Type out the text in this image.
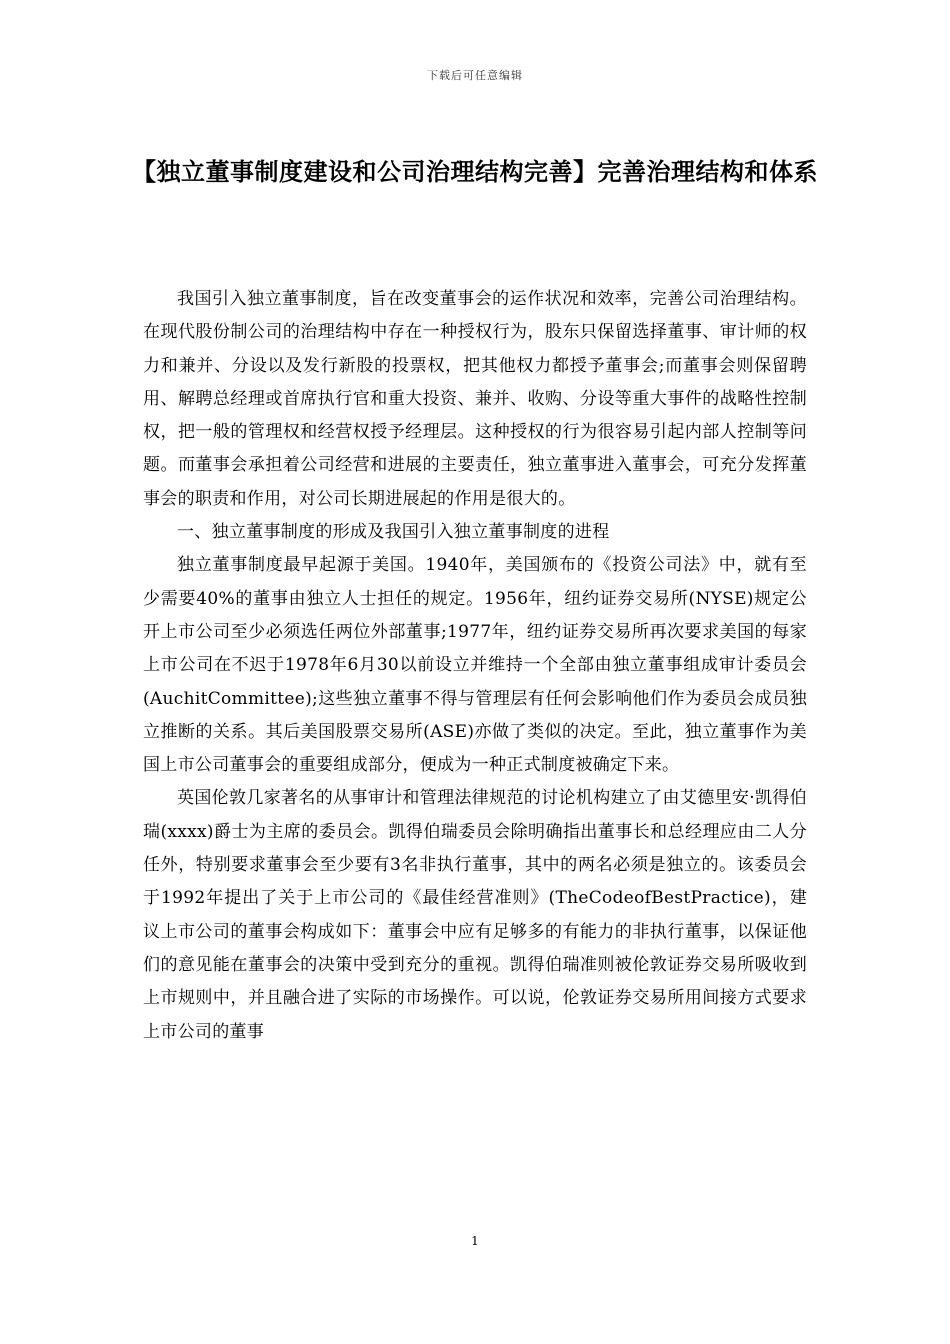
下载后可任意编辑
【独立董事制度建设和公司治理结构完善】完善治理结构和体系

我国引入独立董事制度，旨在改变董事会的运作状况和效率，完善公司治理结构。在现代股份制公司的治理结构中存在一种授权行为，股东只保留选择董事、审计师的权力和兼并、分设以及发行新股的投票权，把其他权力都授予董事会;而董事会则保留聘用、解聘总经理或首席执行官和重大投资、兼并、收购、分设等重大事件的战略性控制权，把一般的管理权和经营权授予经理层。这种授权的行为很容易引起内部人控制等问题。而董事会承担着公司经营和进展的主要责任，独立董事进入董事会，可充分发挥董事会的职责和作用，对公司长期进展起的作用是很大的。

一、独立董事制度的形成及我国引入独立董事制度的进程

独立董事制度最早起源于美国。1940年，美国颁布的《投资公司法》中，就有至少需要40%的董事由独立人士担任的规定。1956年，纽约证券交易所(NYSE)规定公开上市公司至少必须选任两位外部董事;1977年，纽约证券交易所再次要求美国的每家上市公司在不迟于1978年6月30以前设立并维持一个全部由独立董事组成审计委员会(AuchitCommittee);这些独立董事不得与管理层有任何会影响他们作为委员会成员独立推断的关系。其后美国股票交易所(ASE)亦做了类似的决定。至此，独立董事作为美国上市公司董事会的重要组成部分，便成为一种正式制度被确定下来。

英国伦敦几家著名的从事审计和管理法律规范的讨论机构建立了由艾德里安·凯得伯瑞(xxxx)爵士为主席的委员会。凯得伯瑞委员会除明确指出董事长和总经理应由二人分任外，特别要求董事会至少要有3名非执行董事，其中的两名必须是独立的。该委员会于1992年提出了关于上市公司的《最佳经营准则》(TheCodeofBestPractice)，建议上市公司的董事会构成如下：董事会中应有足够多的有能力的非执行董事，以保证他们的意见能在董事会的决策中受到充分的重视。凯得伯瑞准则被伦敦证券交易所吸收到上市规则中，并且融合进了实际的市场操作。可以说，伦敦证券交易所用间接方式要求上市公司的董事

1
